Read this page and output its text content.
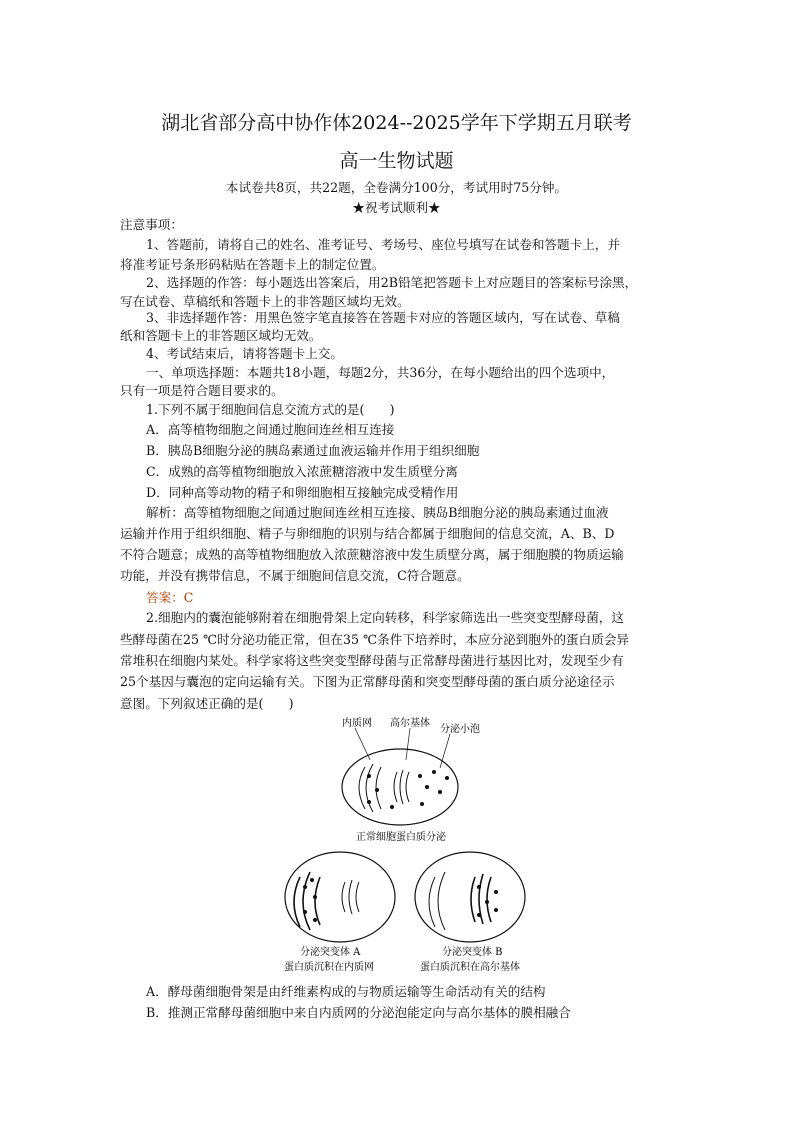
湖北省部分高中协作体2024--2025学年下学期五月联考
高一生物试题
本试卷共8页，共22题，全卷满分100分，考试用时75分钟。
★祝考试顺利★
注意事项：
1、答题前，请将自己的姓名、准考证号、考场号、座位号填写在试卷和答题卡上，并
将准考证号条形码粘贴在答题卡上的制定位置。
2、选择题的作答：每小题选出答案后，用2B铅笔把答题卡上对应题目的答案标号涂黑，
写在试卷、草稿纸和答题卡上的非答题区域均无效。
3、非选择题作答：用黑色签字笔直接答在答题卡对应的答题区域内，写在试卷、草稿
纸和答题卡上的非答题区域均无效。
4、考试结束后，请将答题卡上交。
一、单项选择题：本题共18小题，每题2分，共36分，在每小题给出的四个选项中，
只有一项是符合题目要求的。
1.下列不属于细胞间信息交流方式的是(　　)
A．高等植物细胞之间通过胞间连丝相互连接
B．胰岛B细胞分泌的胰岛素通过血液运输并作用于组织细胞
C．成熟的高等植物细胞放入浓蔗糖溶液中发生质壁分离
D．同种高等动物的精子和卵细胞相互接触完成受精作用
解析：高等植物细胞之间通过胞间连丝相互连接、胰岛B细胞分泌的胰岛素通过血液
运输并作用于组织细胞、精子与卵细胞的识别与结合都属于细胞间的信息交流，A、B、D
不符合题意；成熟的高等植物细胞放入浓蔗糖溶液中发生质壁分离，属于细胞膜的物质运输
功能，并没有携带信息，不属于细胞间信息交流，C符合题意。
答案：C
2.细胞内的囊泡能够附着在细胞骨架上定向转移，科学家筛选出一些突变型酵母菌，这
些酵母菌在25 ℃时分泌功能正常，但在35 ℃条件下培养时，本应分泌到胞外的蛋白质会异
常堆积在细胞内某处。科学家将这些突变型酵母菌与正常酵母菌进行基因比对，发现至少有
25个基因与囊泡的定向运输有关。下图为正常酵母菌和突变型酵母菌的蛋白质分泌途径示
意图。下列叙述正确的是(　　)
内质网 高尔基体
分泌小泡
正常细胞蛋白质分泌
分泌突变体 A
蛋白质沉积在内质网
分泌突变体 B
蛋白质沉积在高尔基体
A．酵母菌细胞骨架是由纤维素构成的与物质运输等生命活动有关的结构
B．推测正常酵母菌细胞中来自内质网的分泌泡能定向与高尔基体的膜相融合
